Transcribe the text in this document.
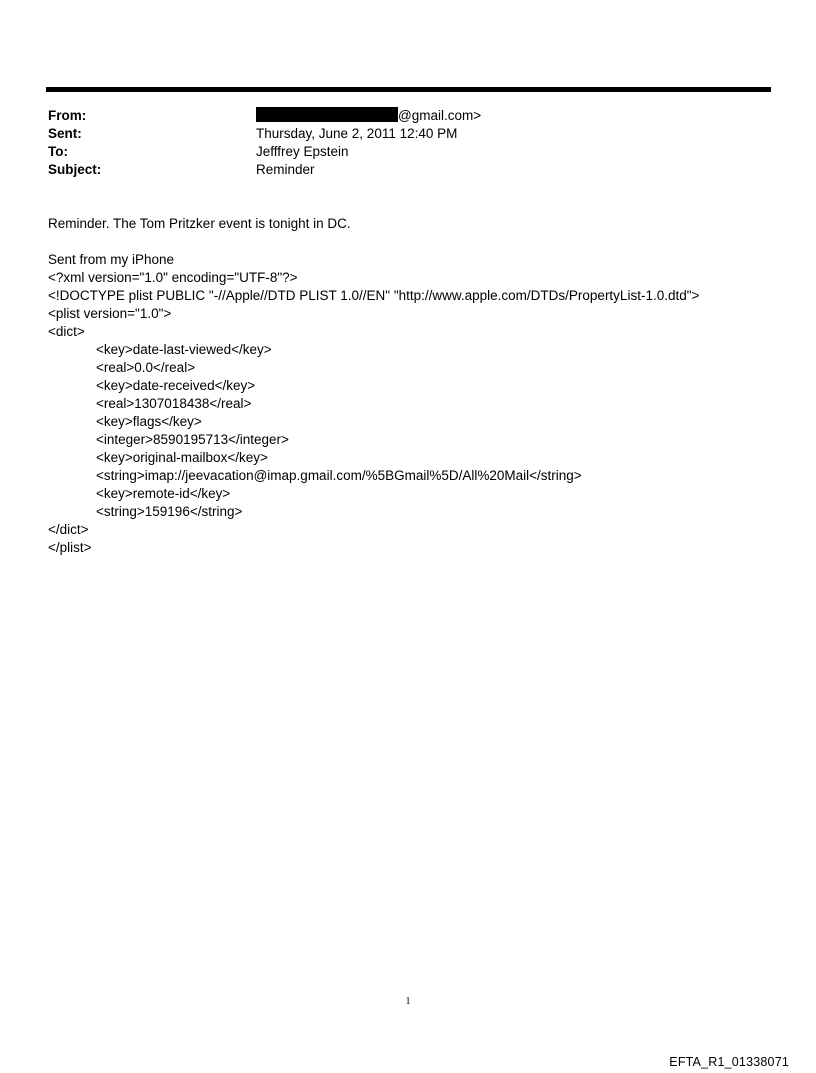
From:	@gmail.com>
Sent:	Thursday, June 2, 2011 12:40 PM
To:	Jefffrey Epstein
Subject:	Reminder
Reminder. The Tom Pritzker event is tonight in DC.
Sent from my iPhone
<?xml version="1.0" encoding="UTF-8"?>
<!DOCTYPE plist PUBLIC "-//Apple//DTD PLIST 1.0//EN" "http://www.apple.com/DTDs/PropertyList-1.0.dtd">
<plist version="1.0">
<dict>
<key>date-last-viewed</key>
<real>0.0</real>
<key>date-received</key>
<real>1307018438</real>
<key>flags</key>
<integer>8590195713</integer>
<key>original-mailbox</key>
<string>imap://jeevacation@imap.gmail.com/%5BGmail%5D/All%20Mail</string>
<key>remote-id</key>
<string>159196</string>
</dict>
</plist>
1
EFTA_R1_01338071
